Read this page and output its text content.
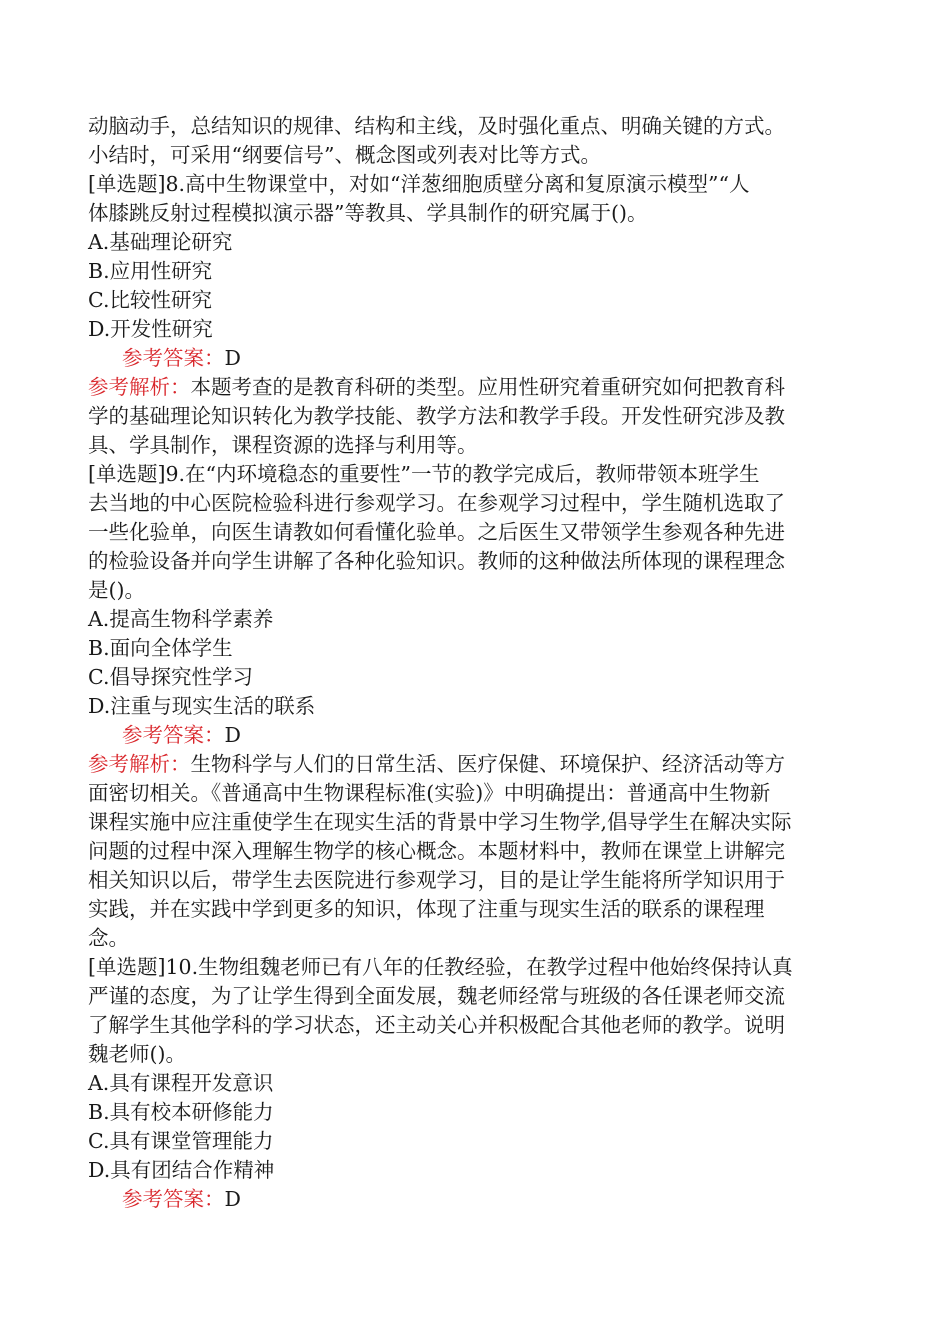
动脑动手，总结知识的规律、结构和主线，及时强化重点、明确关键的方式。

小结时，可采用“纲要信号”、概念图或列表对比等方式。

[单选题]8.高中生物课堂中，对如“洋葱细胞质壁分离和复原演示模型”“人

体膝跳反射过程模拟演示器”等教具、学具制作的研究属于()。

A.基础理论研究

B.应用性研究

C.比较性研究

D.开发性研究

参考答案：D

参考解析：本题考查的是教育科研的类型。应用性研究着重研究如何把教育科

学的基础理论知识转化为教学技能、教学方法和教学手段。开发性研究涉及教

具、学具制作，课程资源的选择与利用等。

[单选题]9.在“内环境稳态的重要性”一节的教学完成后，教师带领本班学生

去当地的中心医院检验科进行参观学习。在参观学习过程中，学生随机选取了

一些化验单，向医生请教如何看懂化验单。之后医生又带领学生参观各种先进

的检验设备并向学生讲解了各种化验知识。教师的这种做法所体现的课程理念

是()。

A.提高生物科学素养

B.面向全体学生

C.倡导探究性学习

D.注重与现实生活的联系

参考答案：D

参考解析：生物科学与人们的日常生活、医疗保健、环境保护、经济活动等方

面密切相关。《普通高中生物课程标准(实验)》中明确提出：普通高中生物新

课程实施中应注重使学生在现实生活的背景中学习生物学,倡导学生在解决实际

问题的过程中深入理解生物学的核心概念。本题材料中，教师在课堂上讲解完

相关知识以后，带学生去医院进行参观学习，目的是让学生能将所学知识用于

实践，并在实践中学到更多的知识，体现了注重与现实生活的联系的课程理

念。

[单选题]10.生物组魏老师已有八年的任教经验，在教学过程中他始终保持认真

严谨的态度，为了让学生得到全面发展，魏老师经常与班级的各任课老师交流

了解学生其他学科的学习状态，还主动关心并积极配合其他老师的教学。说明

魏老师()。

A.具有课程开发意识

B.具有校本研修能力

C.具有课堂管理能力

D.具有团结合作精神

参考答案：D
